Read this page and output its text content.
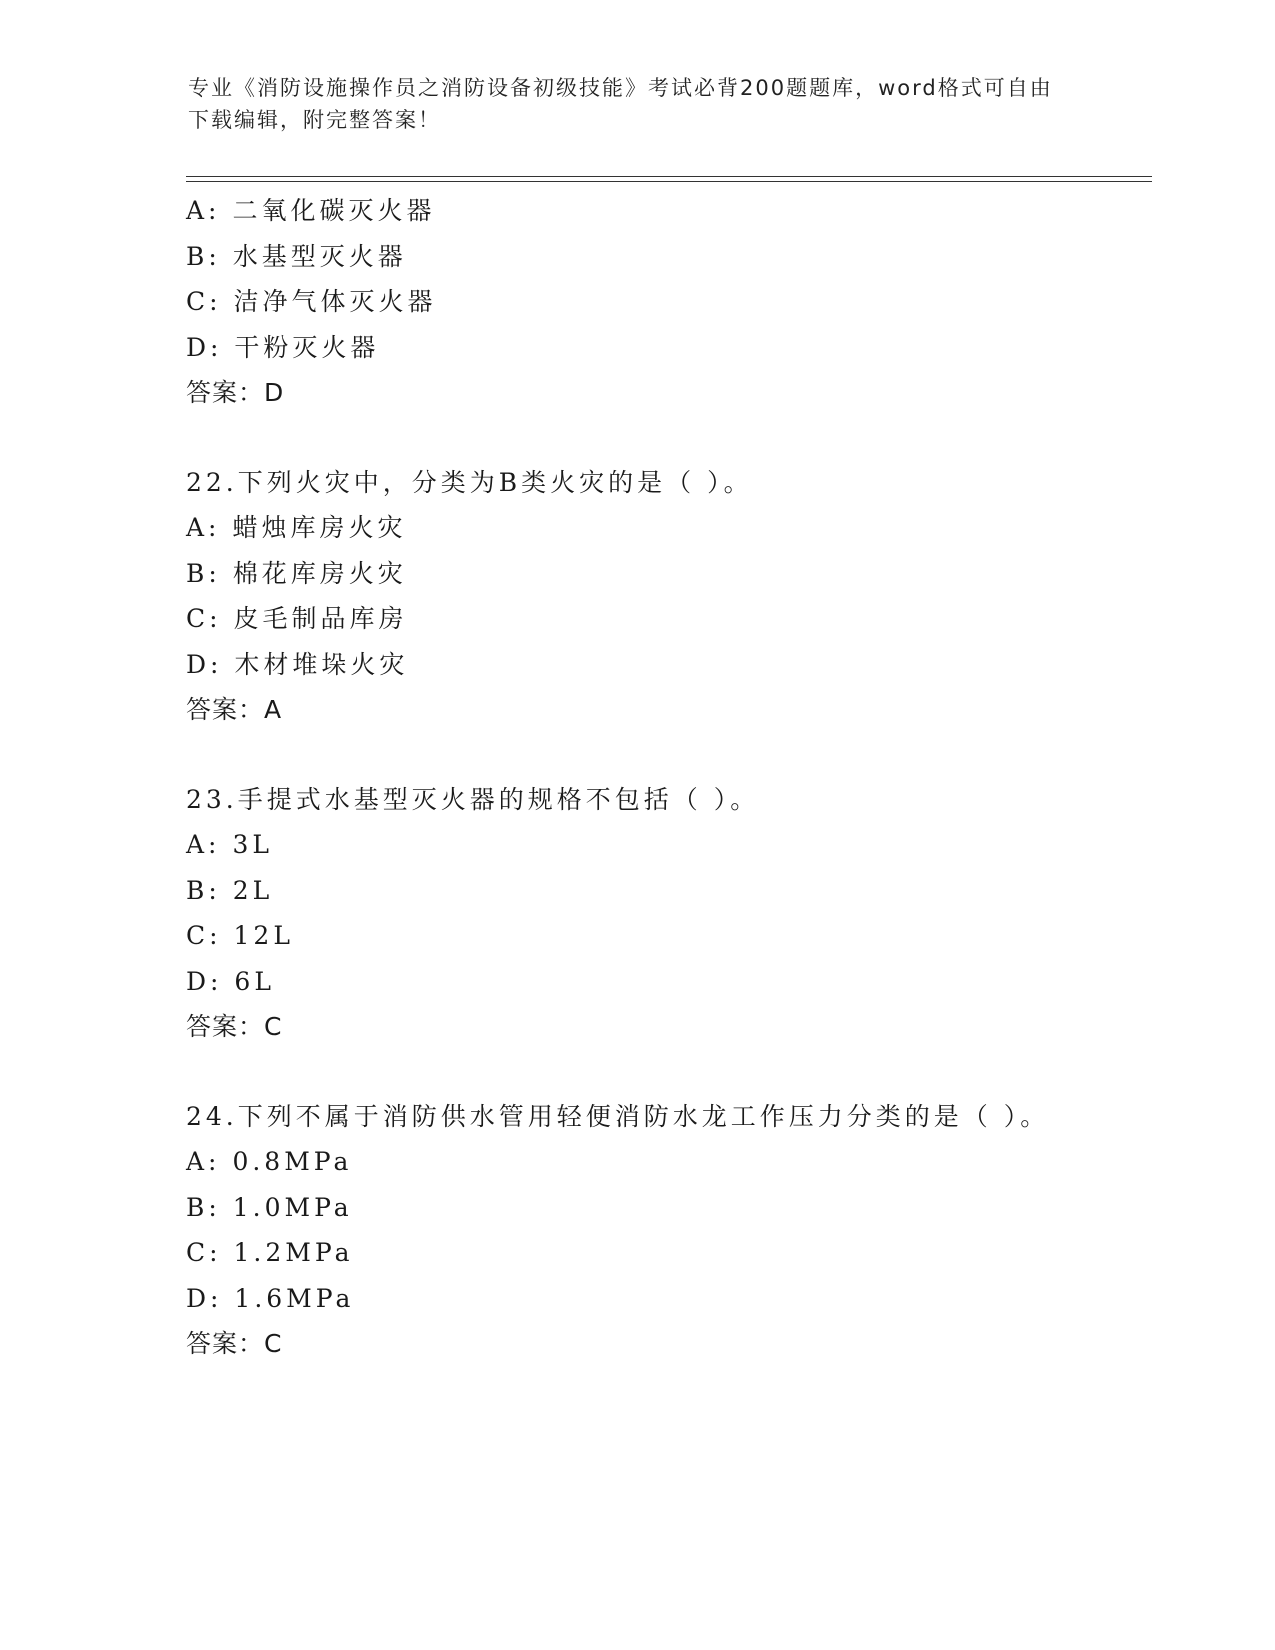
专业《消防设施操作员之消防设备初级技能》考试必背200题题库，word格式可自由下载编辑，附完整答案！
A: 二氧化碳灭火器
B: 水基型灭火器
C: 洁净气体灭火器
D: 干粉灭火器
答案：D
22.下列火灾中，分类为B类火灾的是（ ）。
A: 蜡烛库房火灾
B: 棉花库房火灾
C: 皮毛制品库房
D: 木材堆垛火灾
答案：A
23.手提式水基型灭火器的规格不包括（ ）。
A: 3L
B: 2L
C: 12L
D: 6L
答案：C
24.下列不属于消防供水管用轻便消防水龙工作压力分类的是（ ）。
A: 0.8MPa
B: 1.0MPa
C: 1.2MPa
D: 1.6MPa
答案：C
